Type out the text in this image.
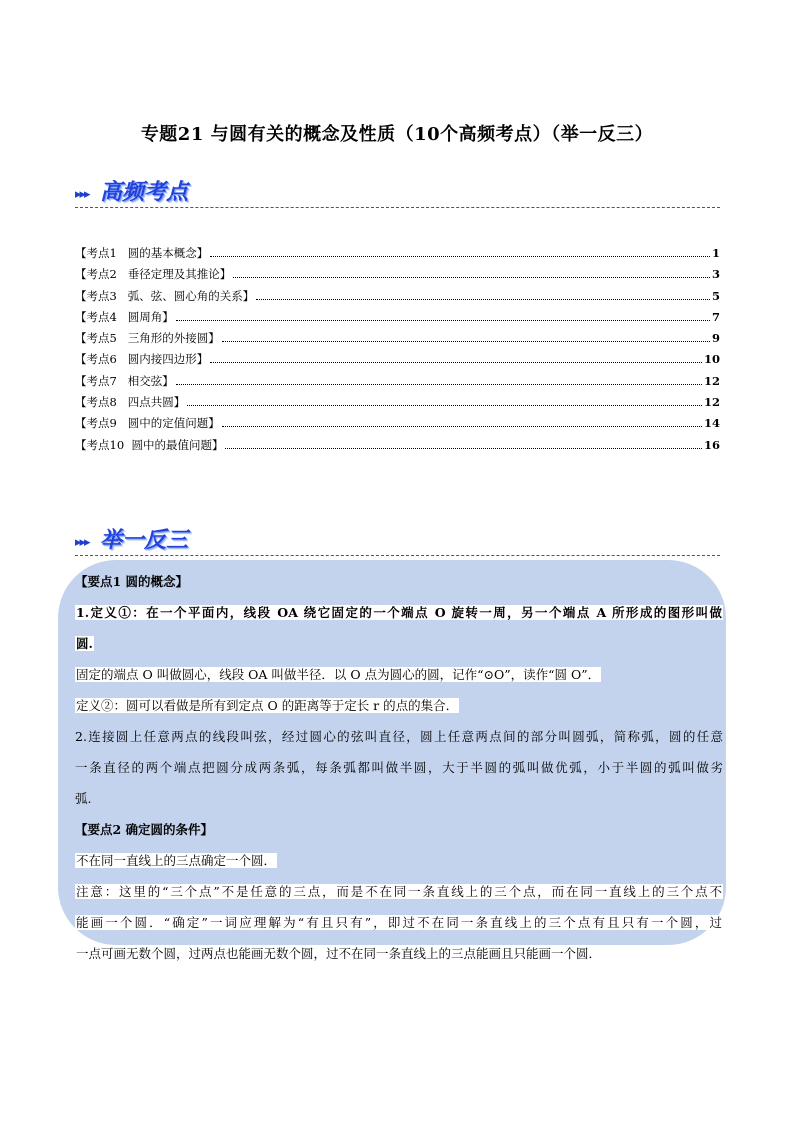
专题21 与圆有关的概念及性质（10个高频考点）（举一反三）
▸▸▸ 高频考点
【考点1   圆的基本概念】	1
【考点2   垂径定理及其推论】	3
【考点3   弧、弦、圆心角的关系】	5
【考点4   圆周角】	7
【考点5   三角形的外接圆】	9
【考点6   圆内接四边形】	10
【考点7   相交弦】	12
【考点8   四点共圆】	12
【考点9   圆中的定值问题】	14
【考点10  圆中的最值问题】	16
▸▸▸ 举一反三
【要点1 圆的概念】
1.定义①：在一个平面内，线段 OA 绕它固定的一个端点 O 旋转一周，另一个端点 A 所形成的图形叫做
圆.
固定的端点 O 叫做圆心，线段 OA 叫做半径．以 O 点为圆心的圆，记作“⊙O”，读作“圆 O”．
定义②：圆可以看做是所有到定点 O 的距离等于定长 r 的点的集合．
2.连接圆上任意两点的线段叫弦，经过圆心的弦叫直径，圆上任意两点间的部分叫圆弧，简称弧，圆的任意
一条直径的两个端点把圆分成两条弧，每条弧都叫做半圆，大于半圆的弧叫做优弧，小于半圆的弧叫做劣
弧.
【要点2 确定圆的条件】
不在同一直线上的三点确定一个圆．
注意：这里的“三个点”不是任意的三点，而是不在同一条直线上的三个点，而在同一直线上的三个点不
能画一个圆．“确定”一词应理解为“有且只有”，即过不在同一条直线上的三个点有且只有一个圆，过
一点可画无数个圆，过两点也能画无数个圆，过不在同一条直线上的三点能画且只能画一个圆．
